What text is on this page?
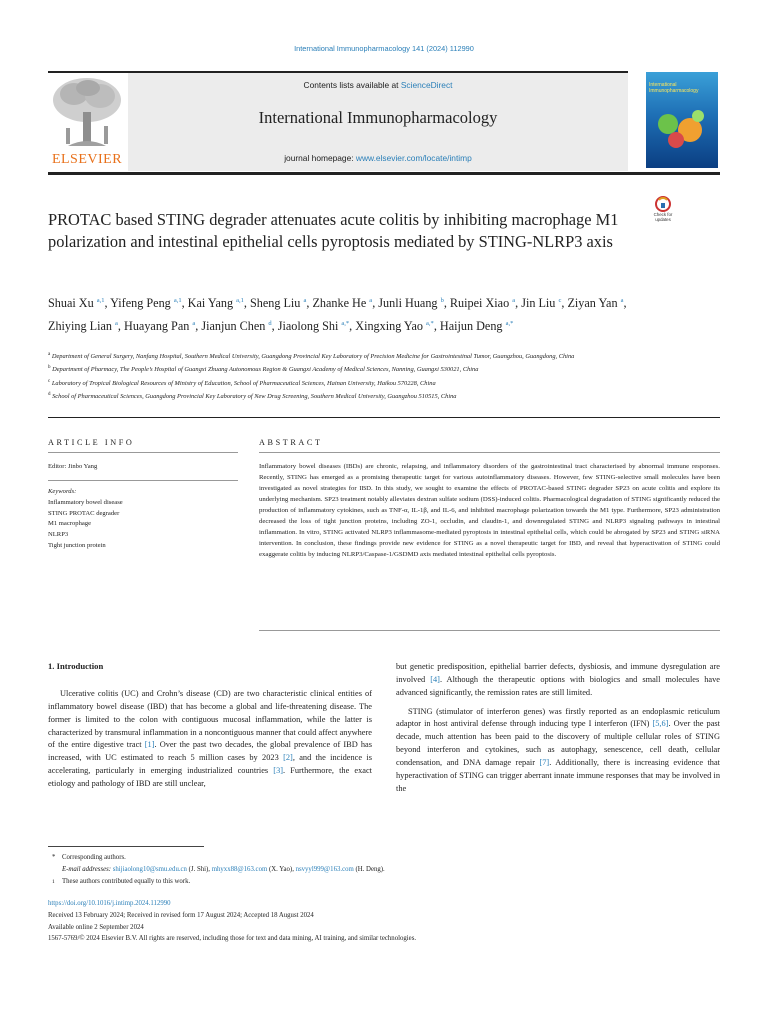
International Immunopharmacology 141 (2024) 112990
Contents lists available at ScienceDirect
International Immunopharmacology
journal homepage: www.elsevier.com/locate/intimp
ELSEVIER
International Immunopharmacology
Check for updates
PROTAC based STING degrader attenuates acute colitis by inhibiting macrophage M1 polarization and intestinal epithelial cells pyroptosis mediated by STING-NLRP3 axis
Shuai Xu $^{a,1}$, Yifeng Peng $^{a,1}$, Kai Yang $^{a,1}$, Sheng Liu $^a$, Zhanke He $^a$, Junli Huang $^b$, Ruipei Xiao $^a$, Jin Liu $^c$, Ziyan Yan $^a$, Zhiying Lian $^a$, Huayang Pan $^a$, Jianjun Chen $^d$, Jiaolong Shi $^{a,*}$, Xingxing Yao $^{a,*}$, Haijun Deng $^{a,*}$
$^a$ Department of General Surgery, Nanfang Hospital, Southern Medical University, Guangdong Provincial Key Laboratory of Precision Medicine for Gastrointestinal Tumor, Guangzhou, Guangdong, China
$^b$ Department of Pharmacy, The People’s Hospital of Guangxi Zhuang Autonomous Region & Guangxi Academy of Medical Sciences, Nanning, Guangxi 530021, China
$^c$ Laboratory of Tropical Biological Resources of Ministry of Education, School of Pharmaceutical Sciences, Hainan University, Haikou 570228, China
$^d$ School of Pharmaceutical Sciences, Guangdong Provincial Key Laboratory of New Drug Screening, Southern Medical University, Guangzhou 510515, China
ARTICLE INFO
Editor: Jinbo Yang
Keywords:
Inflammatory bowel disease
STING PROTAC degrader
M1 macrophage
NLRP3
Tight junction protein
ABSTRACT
Inflammatory bowel diseases (IBDs) are chronic, relapsing, and inflammatory disorders of the gastrointestinal tract characterised by abnormal immune responses. Recently, STING has emerged as a promising therapeutic target for various autoinflammatory diseases. However, few STING-selective small molecules have been investigated as novel strategies for IBD. In this study, we sought to examine the effects of PROTAC-based STING degrader SP23 on acute colitis and explore its underlying mechanism. SP23 treatment notably alleviates dextran sulfate sodium (DSS)-induced colitis. Pharmacological degradation of STING significantly reduced the production of inflammatory cytokines, such as TNF-α, IL-1β, and IL-6, and inhibited macrophage polarization towards the M1 type. Furthermore, SP23 administration decreased the loss of tight junction proteins, including ZO-1, occludin, and claudin-1, and downregulated STING and NLRP3 signaling pathways in intestinal inflammation. In vitro, STING activated NLRP3 inflammasome-mediated pyroptosis in intestinal epithelial cells, which could be abrogated by SP23 and STING siRNA intervention. In conclusion, these findings provide new evidence for STING as a novel therapeutic target for IBD, and reveal that hyperactivation of STING could exaggerate colitis by inducing NLRP3/Caspase-1/GSDMD axis mediated intestinal epithelial cells pyroptosis.
1. Introduction

Ulcerative colitis (UC) and Crohn’s disease (CD) are two characteristic clinical entities of inflammatory bowel disease (IBD) that has become a global and life-threatening disease. The former is limited to the colon with contiguous mucosal inflammation, while the latter is characterized by transmural inflammation in a noncontiguous manner that could affect anywhere of the entire digestive tract [1]. Over the past two decades, the global prevalence of IBD has increased, with UC estimated to reach 5 million cases by 2023 [2], and the incidence is accelerating, particularly in emerging industrialized countries [3]. Furthermore, the exact etiology and pathology of IBD are still unclear,

but genetic predisposition, epithelial barrier defects, dysbiosis, and immune dysregulation are involved [4]. Although the therapeutic options with biologics and small molecules have advanced significantly, the remission rates are still limited.

STING (stimulator of interferon genes) was firstly reported as an endoplasmic reticulum adaptor in host antiviral defense through inducing type I interferon (IFN) [5,6]. Over the past decade, much attention has been paid to the discovery of multiple cellular roles of STING beyond interferon and cytokines, such as autophagy, senescence, cell death, cellular condensation, and DNA damage repair [7]. Additionally, there is increasing evidence that hyperactivation of STING can trigger aberrant innate immune responses that may be involved in the

* Corresponding authors.
E-mail addresses: shijiaolong10@smu.edu.cn (J. Shi), mhyxx88@163.com (X. Yao), nsvyyl999@163.com (H. Deng).
1 These authors contributed equally to this work.
https://doi.org/10.1016/j.intimp.2024.112990
Received 13 February 2024; Received in revised form 17 August 2024; Accepted 18 August 2024
Available online 2 September 2024
1567-5769/© 2024 Elsevier B.V. All rights are reserved, including those for text and data mining, AI training, and similar technologies.
